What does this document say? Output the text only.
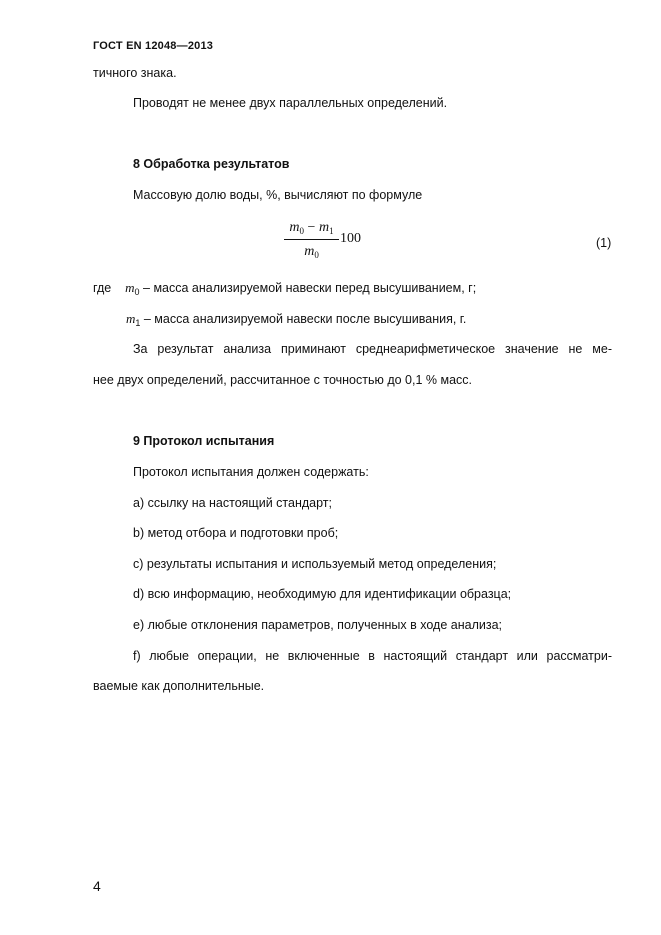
ГОСТ EN 12048—2013
тичного знака.
Проводят не менее двух параллельных определений.
8 Обработка результатов
Массовую долю воды, %, вычисляют по формуле
$m_0 - m_1$
$m_0$
100	(1)
где $m_0$ – масса анализируемой навески перед высушиванием, г;
$m_1$ – масса анализируемой навески после высушивания, г.
За результат анализа приминают среднеарифметическое значение не ме-
нее двух определений, рассчитанное с точностью до 0,1 % масс.
9 Протокол испытания
Протокол испытания должен содержать:
a) ссылку на настоящий стандарт;
b) метод отбора и подготовки проб;
c) результаты испытания и используемый метод определения;
d) всю информацию, необходимую для идентификации образца;
e) любые отклонения параметров, полученных в ходе анализа;
f) любые операции, не включенные в настоящий стандарт или рассматри-
ваемые как дополнительные.
4
